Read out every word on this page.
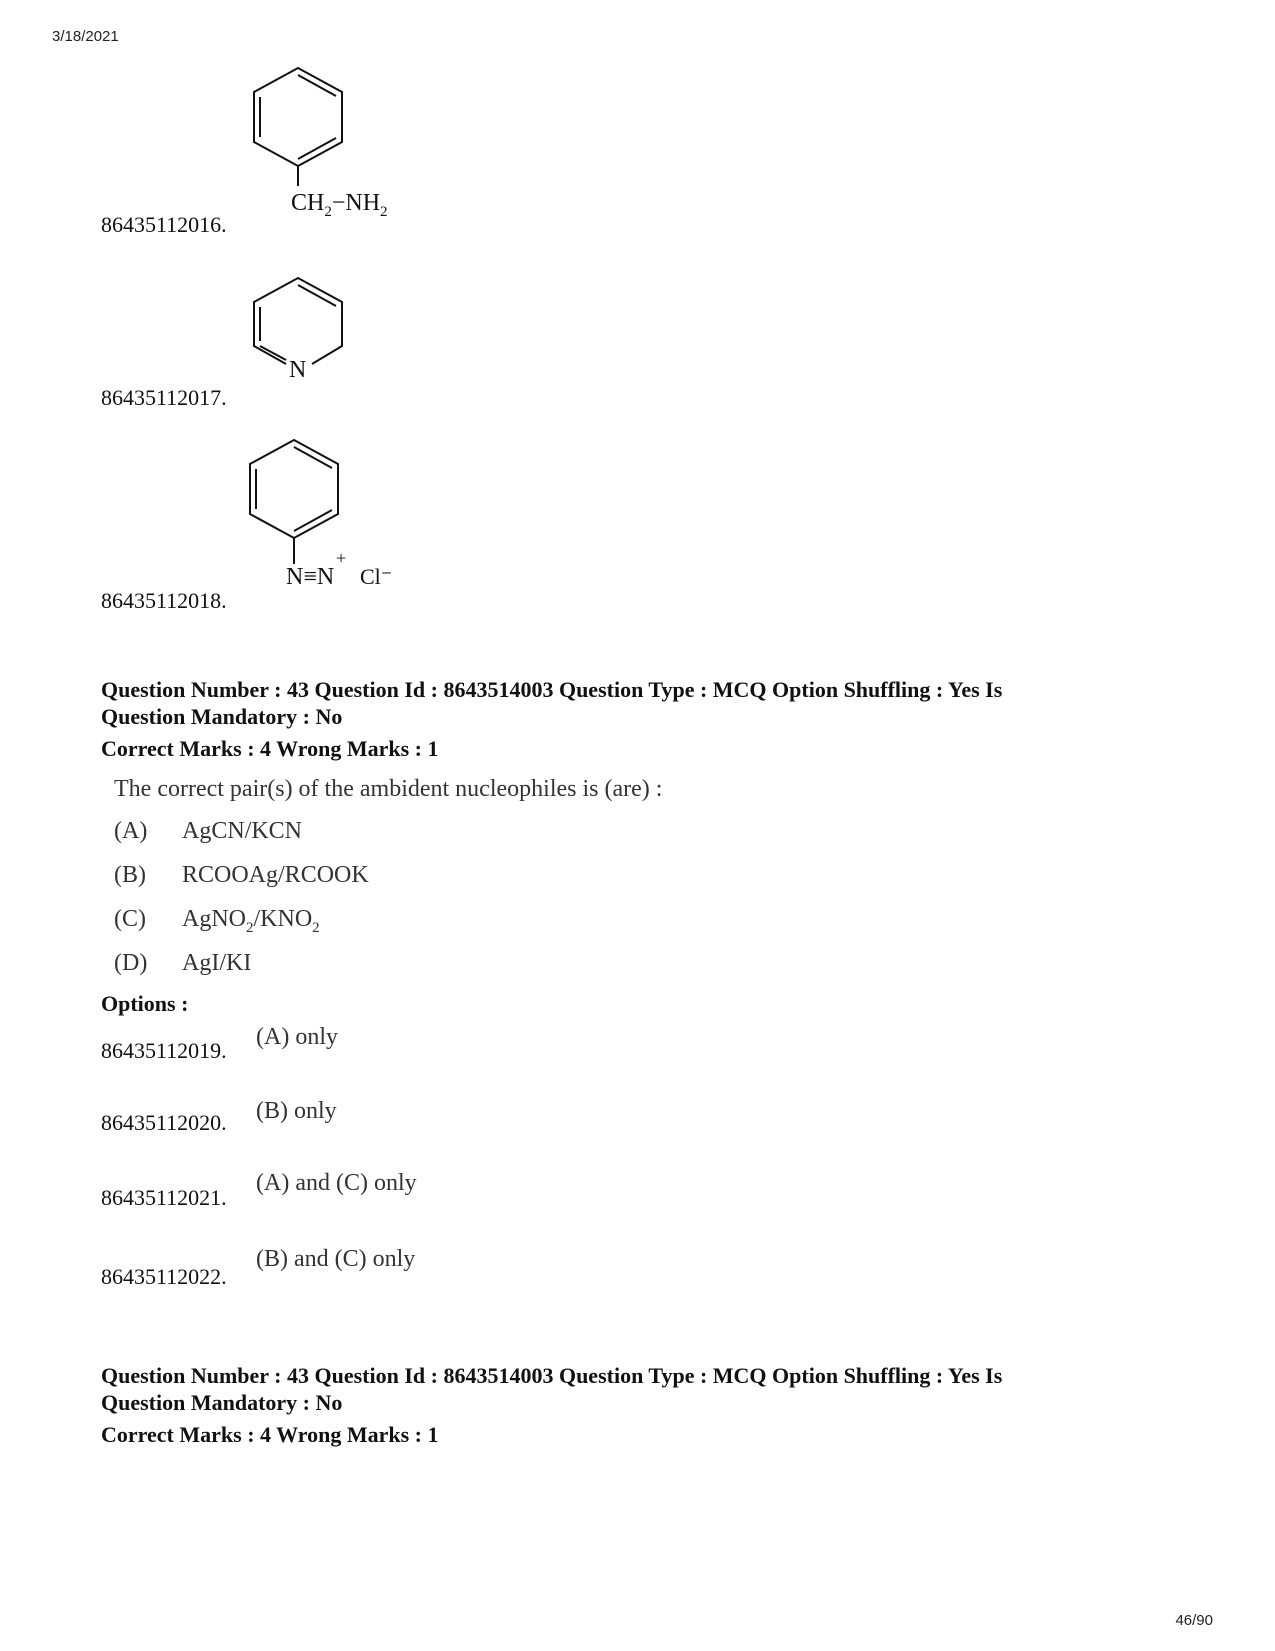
3/18/2021
86435112016.
$CH_2-NH_2$
86435112017.
N
86435112018.
N≡N
+
Cl⁻
Question Number : 43 Question Id : 8643514003 Question Type : MCQ Option Shuffling : Yes Is
Question Mandatory : No
Correct Marks : 4 Wrong Marks : 1
The correct pair(s) of the ambident nucleophiles is (are) :
(A) AgCN/KCN
(B) RCOOAg/RCOOK
(C) $AgNO_2/KNO_2$
(D) AgI/KI
Options :
86435112019.
(A) only
86435112020. (B) only
86435112021.
(A) and (C) only
86435112022.
(B) and (C) only
Question Number : 43 Question Id : 8643514003 Question Type : MCQ Option Shuffling : Yes Is
Question Mandatory : No
Correct Marks : 4 Wrong Marks : 1
46/90
